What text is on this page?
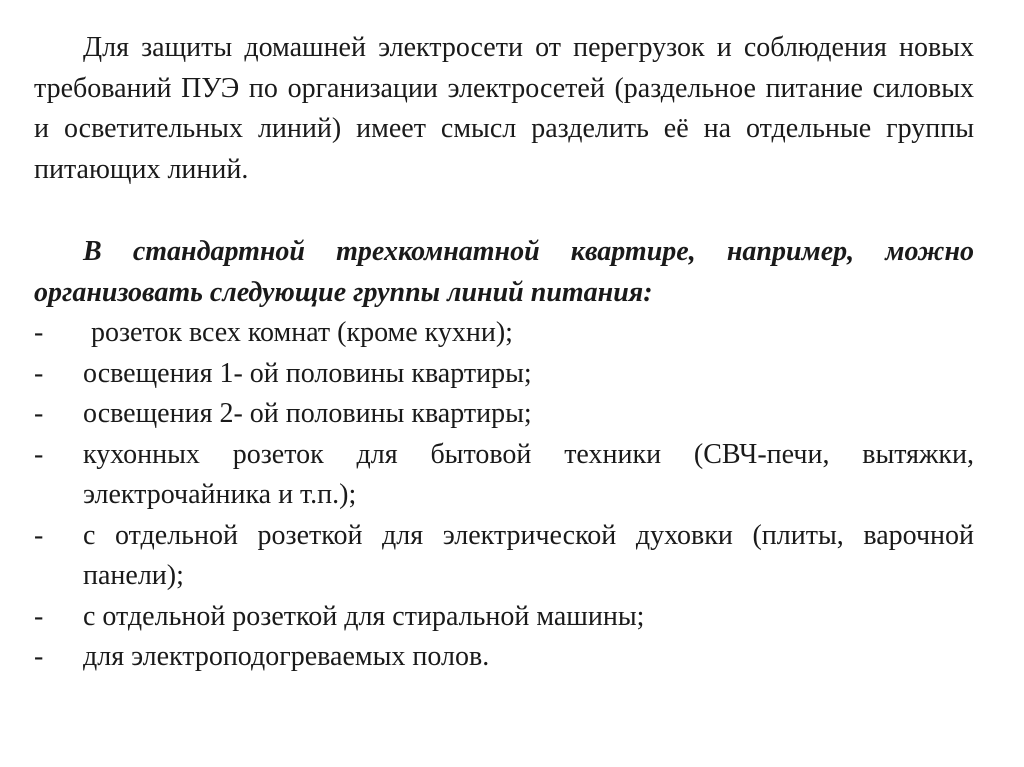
Для защиты домашней электросети от перегрузок и соблюдения новых требований ПУЭ по организации электросетей (раздельное питание силовых и осветительных линий) имеет смысл разделить её на отдельные группы питающих линий.

В стандартной трехкомнатной квартире, например, можно организовать следующие группы линий питания:

-	розеток всех комнат (кроме кухни);
-	освещения 1- ой половины квартиры;
-	освещения 2- ой половины квартиры;
-	кухонных розеток для бытовой техники (СВЧ-печи, вытяжки, электрочайника и т.п.);
-	с отдельной розеткой для электрической духовки (плиты, варочной панели);
-	с отдельной розеткой для стиральной машины;
-	для электроподогреваемых полов.
